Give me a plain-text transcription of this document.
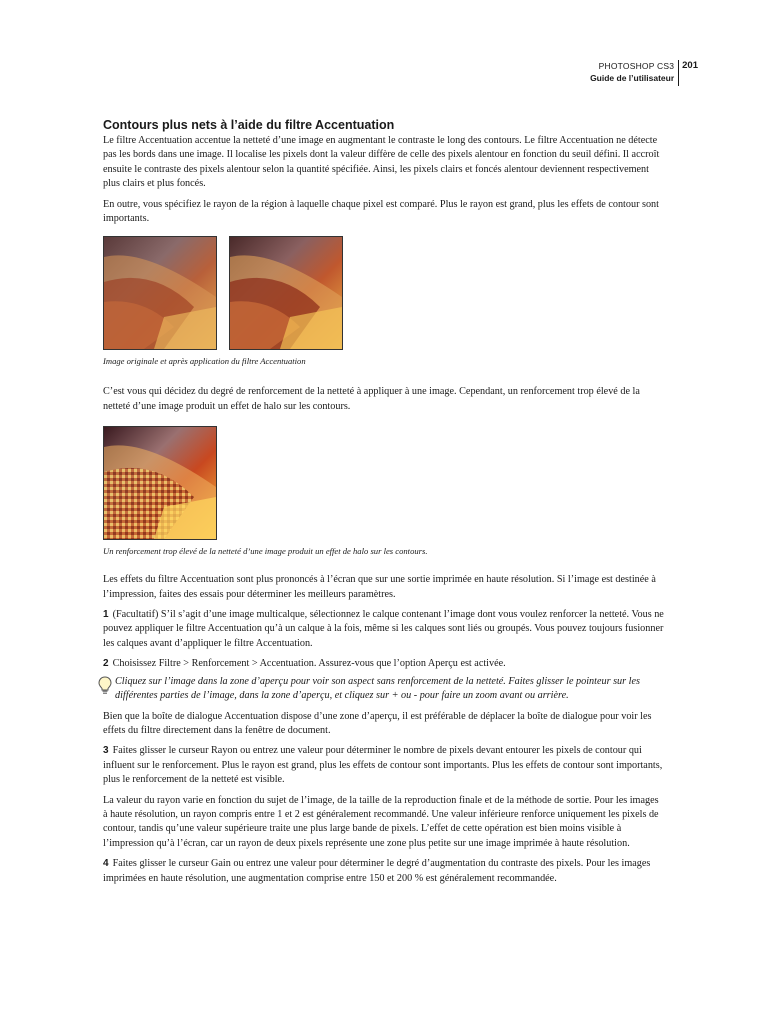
PHOTOSHOP CS3
Guide de l’utilisateur
201
Contours plus nets à l’aide du filtre Accentuation

Le filtre Accentuation accentue la netteté d’une image en augmentant le contraste le long des contours. Le filtre Accentuation ne détecte pas les bords dans une image. Il localise les pixels dont la valeur diffère de celle des pixels alentour en fonction du seuil défini. Il accroît ensuite le contraste des pixels alentour selon la quantité spécifiée. Ainsi, les pixels clairs et foncés alentour deviennent respectivement plus clairs et plus foncés.

En outre, vous spécifiez le rayon de la région à laquelle chaque pixel est comparé. Plus le rayon est grand, plus les effets de contour sont importants.

Image originale et après application du filtre Accentuation

C’est vous qui décidez du degré de renforcement de la netteté à appliquer à une image. Cependant, un renforcement trop élevé de la netteté d’une image produit un effet de halo sur les contours.

Un renforcement trop élevé de la netteté d’une image produit un effet de halo sur les contours.

Les effets du filtre Accentuation sont plus prononcés à l’écran que sur une sortie imprimée en haute résolution. Si l’image est destinée à l’impression, faites des essais pour déterminer les meilleurs paramètres.

1 (Facultatif) S’il s’agit d’une image multicalque, sélectionnez le calque contenant l’image dont vous voulez renforcer la netteté. Vous ne pouvez appliquer le filtre Accentuation qu’à un calque à la fois, même si les calques sont liés ou groupés. Vous pouvez toujours fusionner les calques avant d’appliquer le filtre Accentuation.

2 Choisissez Filtre > Renforcement > Accentuation. Assurez-vous que l’option Aperçu est activée.

Cliquez sur l’image dans la zone d’aperçu pour voir son aspect sans renforcement de la netteté. Faites glisser le pointeur sur les différentes parties de l’image, dans la zone d’aperçu, et cliquez sur + ou - pour faire un zoom avant ou arrière.

Bien que la boîte de dialogue Accentuation dispose d’une zone d’aperçu, il est préférable de déplacer la boîte de dialogue pour voir les effets du filtre directement dans la fenêtre de document.

3 Faites glisser le curseur Rayon ou entrez une valeur pour déterminer le nombre de pixels devant entourer les pixels de contour qui influent sur le renforcement. Plus le rayon est grand, plus les effets de contour sont importants. Plus les effets de contour sont importants, plus le renforcement de la netteté est visible.

La valeur du rayon varie en fonction du sujet de l’image, de la taille de la reproduction finale et de la méthode de sortie. Pour les images à haute résolution, un rayon compris entre 1 et 2 est généralement recommandé. Une valeur inférieure renforce uniquement les pixels de contour, tandis qu’une valeur supérieure traite une plus large bande de pixels. L’effet de cette opération est bien moins visible à l’impression qu’à l’écran, car un rayon de deux pixels représente une zone plus petite sur une image imprimée à haute résolution.

4 Faites glisser le curseur Gain ou entrez une valeur pour déterminer le degré d’augmentation du contraste des pixels. Pour les images imprimées en haute résolution, une augmentation comprise entre 150 et 200 % est généralement recommandée.
